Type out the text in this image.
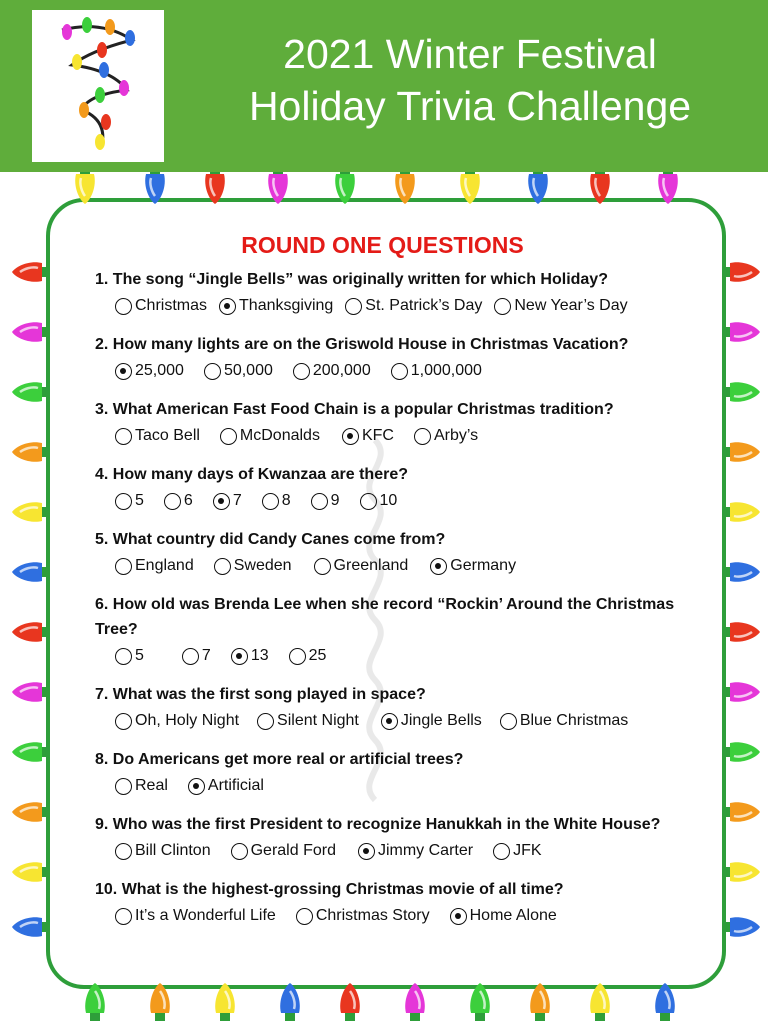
2021 Winter Festival
Holiday Trivia Challenge
ROUND ONE QUESTIONS
1. The song “Jingle Bells” was originally written for which Holiday?
Christmas Thanksgiving St. Patrick’s Day New Year’s Day
2. How many lights are on the Griswold House in Christmas Vacation?
25,000	50,000	200,000	1,000,000
3. What American Fast Food Chain is a popular Christmas tradition?
Taco Bell	McDonalds	KFC	Arby’s
4. How many days of Kwanzaa are there?
5	6	7	8	9	10
5. What country did Candy Canes come from?
England	Sweden	Greenland	Germany
6. How old was Brenda Lee when she record “Rockin’ Around the Christmas Tree?
5	7	13	25
7. What was the first song played in space?
Oh, Holy Night Silent Night	Jingle Bells Blue Christmas
8. Do Americans get more real or artificial trees?
Real	Artificial
9. Who was the first President to recognize Hanukkah in the White House?
Bill Clinton	Gerald Ford	Jimmy Carter	JFK
10. What is the highest-grossing Christmas movie of all time?
It’s a Wonderful Life	Christmas Story	Home Alone
